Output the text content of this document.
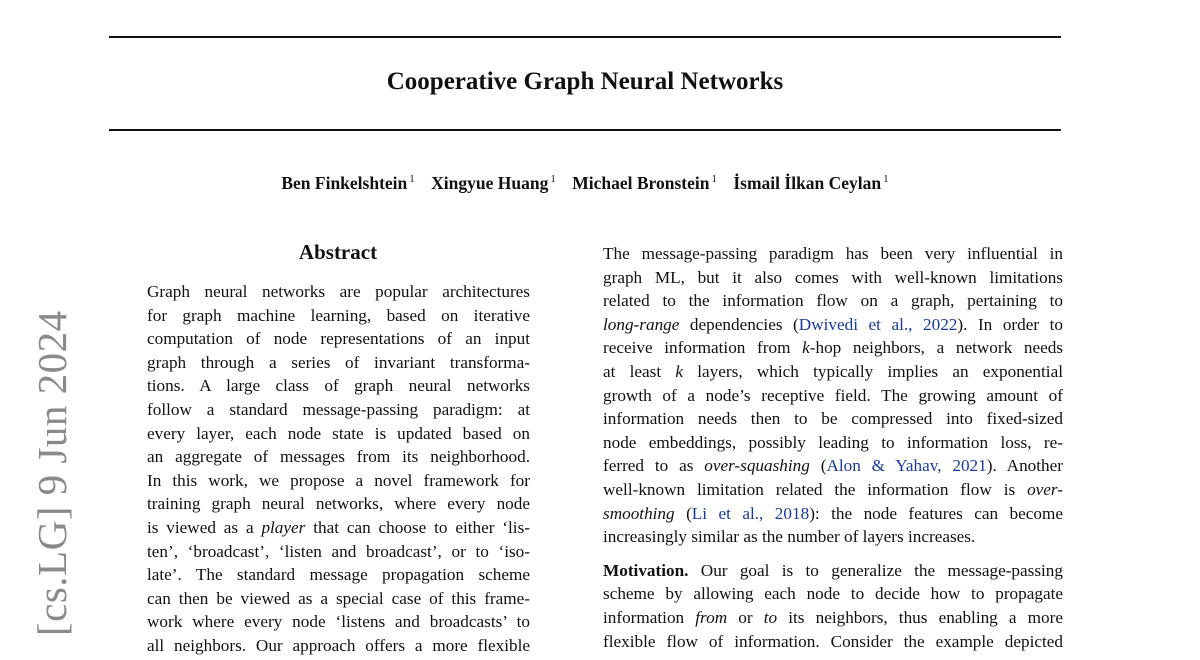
Cooperative Graph Neural Networks
Ben Finkelshtein $^1$ Xingyue Huang $^1$ Michael Bronstein $^1$ İsmail İlkan Ceylan $^1$
[cs.LG] 9 Jun 2024
Abstract
Graph neural networks are popular architectures
for graph machine learning, based on iterative
computation of node representations of an input
graph through a series of invariant transforma-
tions. A large class of graph neural networks
follow a standard message-passing paradigm: at
every layer, each node state is updated based on
an aggregate of messages from its neighborhood.
In this work, we propose a novel framework for
training graph neural networks, where every node
is viewed as a player that can choose to either ‘lis-
ten’, ‘broadcast’, ‘listen and broadcast’, or to ‘iso-
late’. The standard message propagation scheme
can then be viewed as a special case of this frame-
work where every node ‘listens and broadcasts’ to
all neighbors. Our approach offers a more flexible
The message-passing paradigm has been very influential in
graph ML, but it also comes with well-known limitations
related to the information flow on a graph, pertaining to
long-range dependencies (Dwivedi et al., 2022). In order to
receive information from k-hop neighbors, a network needs
at least k layers, which typically implies an exponential
growth of a node’s receptive field. The growing amount of
information needs then to be compressed into fixed-sized
node embeddings, possibly leading to information loss, re-
ferred to as over-squashing (Alon & Yahav, 2021). Another
well-known limitation related the information flow is over-
smoothing (Li et al., 2018): the node features can become
increasingly similar as the number of layers increases.
Motivation. Our goal is to generalize the message-passing
scheme by allowing each node to decide how to propagate
information from or to its neighbors, thus enabling a more
flexible flow of information. Consider the example depicted
